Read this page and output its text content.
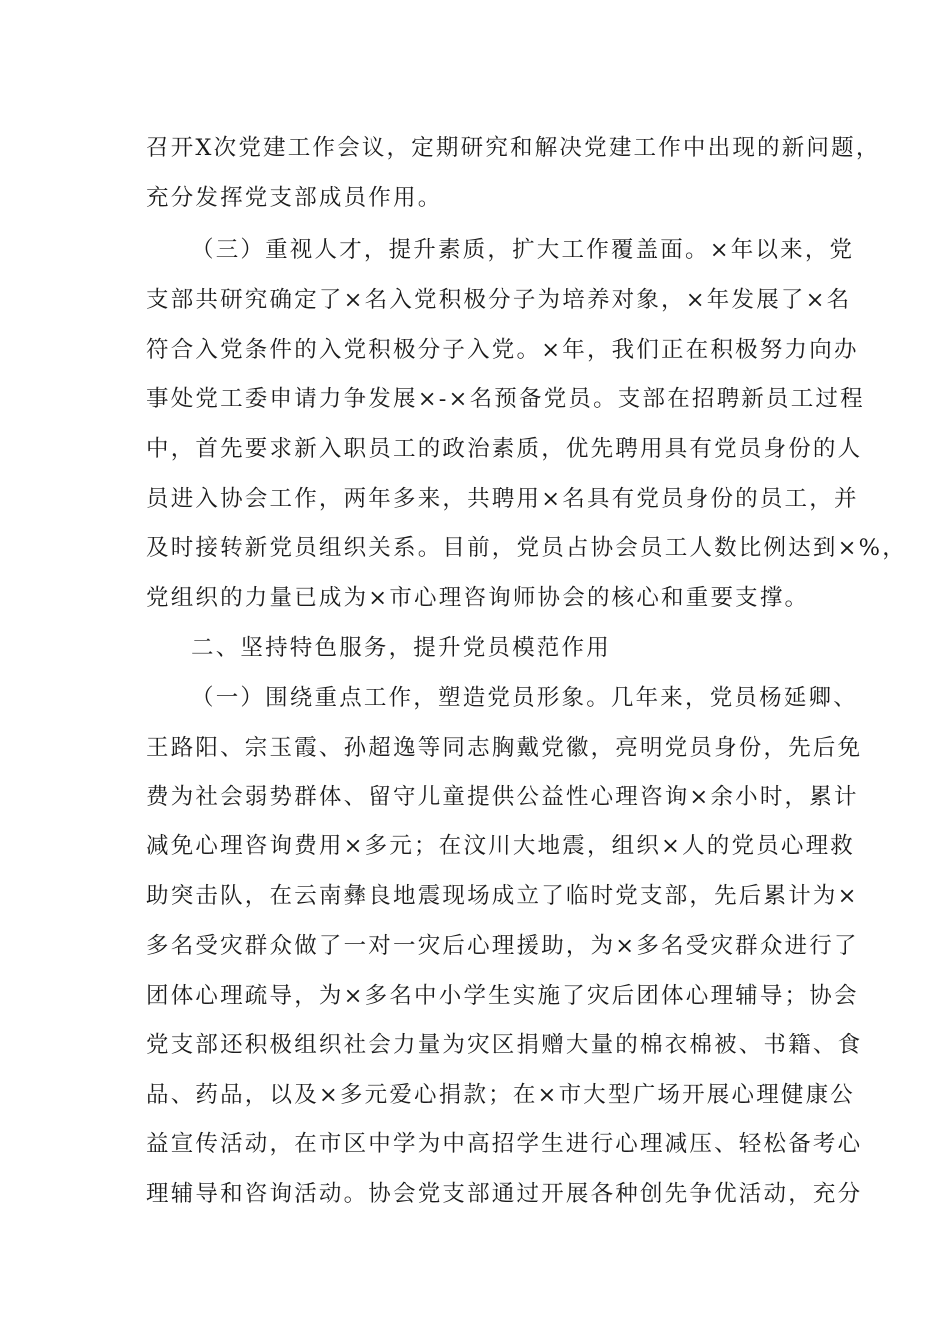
召开Ⅹ次党建工作会议，定期研究和解决党建工作中出现的新问题，
充分发挥党支部成员作用。
（三）重视人才，提升素质，扩大工作覆盖面。×年以来，党
支部共研究确定了×名入党积极分子为培养对象，×年发展了×名
符合入党条件的入党积极分子入党。×年，我们正在积极努力向办
事处党工委申请力争发展×-×名预备党员。支部在招聘新员工过程
中，首先要求新入职员工的政治素质，优先聘用具有党员身份的人
员进入协会工作，两年多来，共聘用×名具有党员身份的员工，并
及时接转新党员组织关系。目前，党员占协会员工人数比例达到×%，
党组织的力量已成为×市心理咨询师协会的核心和重要支撑。
二、坚持特色服务，提升党员模范作用
（一）围绕重点工作，塑造党员形象。几年来，党员杨延卿、
王路阳、宗玉霞、孙超逸等同志胸戴党徽，亮明党员身份，先后免
费为社会弱势群体、留守儿童提供公益性心理咨询×余小时，累计
减免心理咨询费用×多元；在汶川大地震，组织×人的党员心理救
助突击队，在云南彝良地震现场成立了临时党支部，先后累计为×
多名受灾群众做了一对一灾后心理援助，为×多名受灾群众进行了
团体心理疏导，为×多名中小学生实施了灾后团体心理辅导；协会
党支部还积极组织社会力量为灾区捐赠大量的棉衣棉被、书籍、食
品、药品，以及×多元爱心捐款；在×市大型广场开展心理健康公
益宣传活动，在市区中学为中高招学生进行心理减压、轻松备考心
理辅导和咨询活动。协会党支部通过开展各种创先争优活动，充分
